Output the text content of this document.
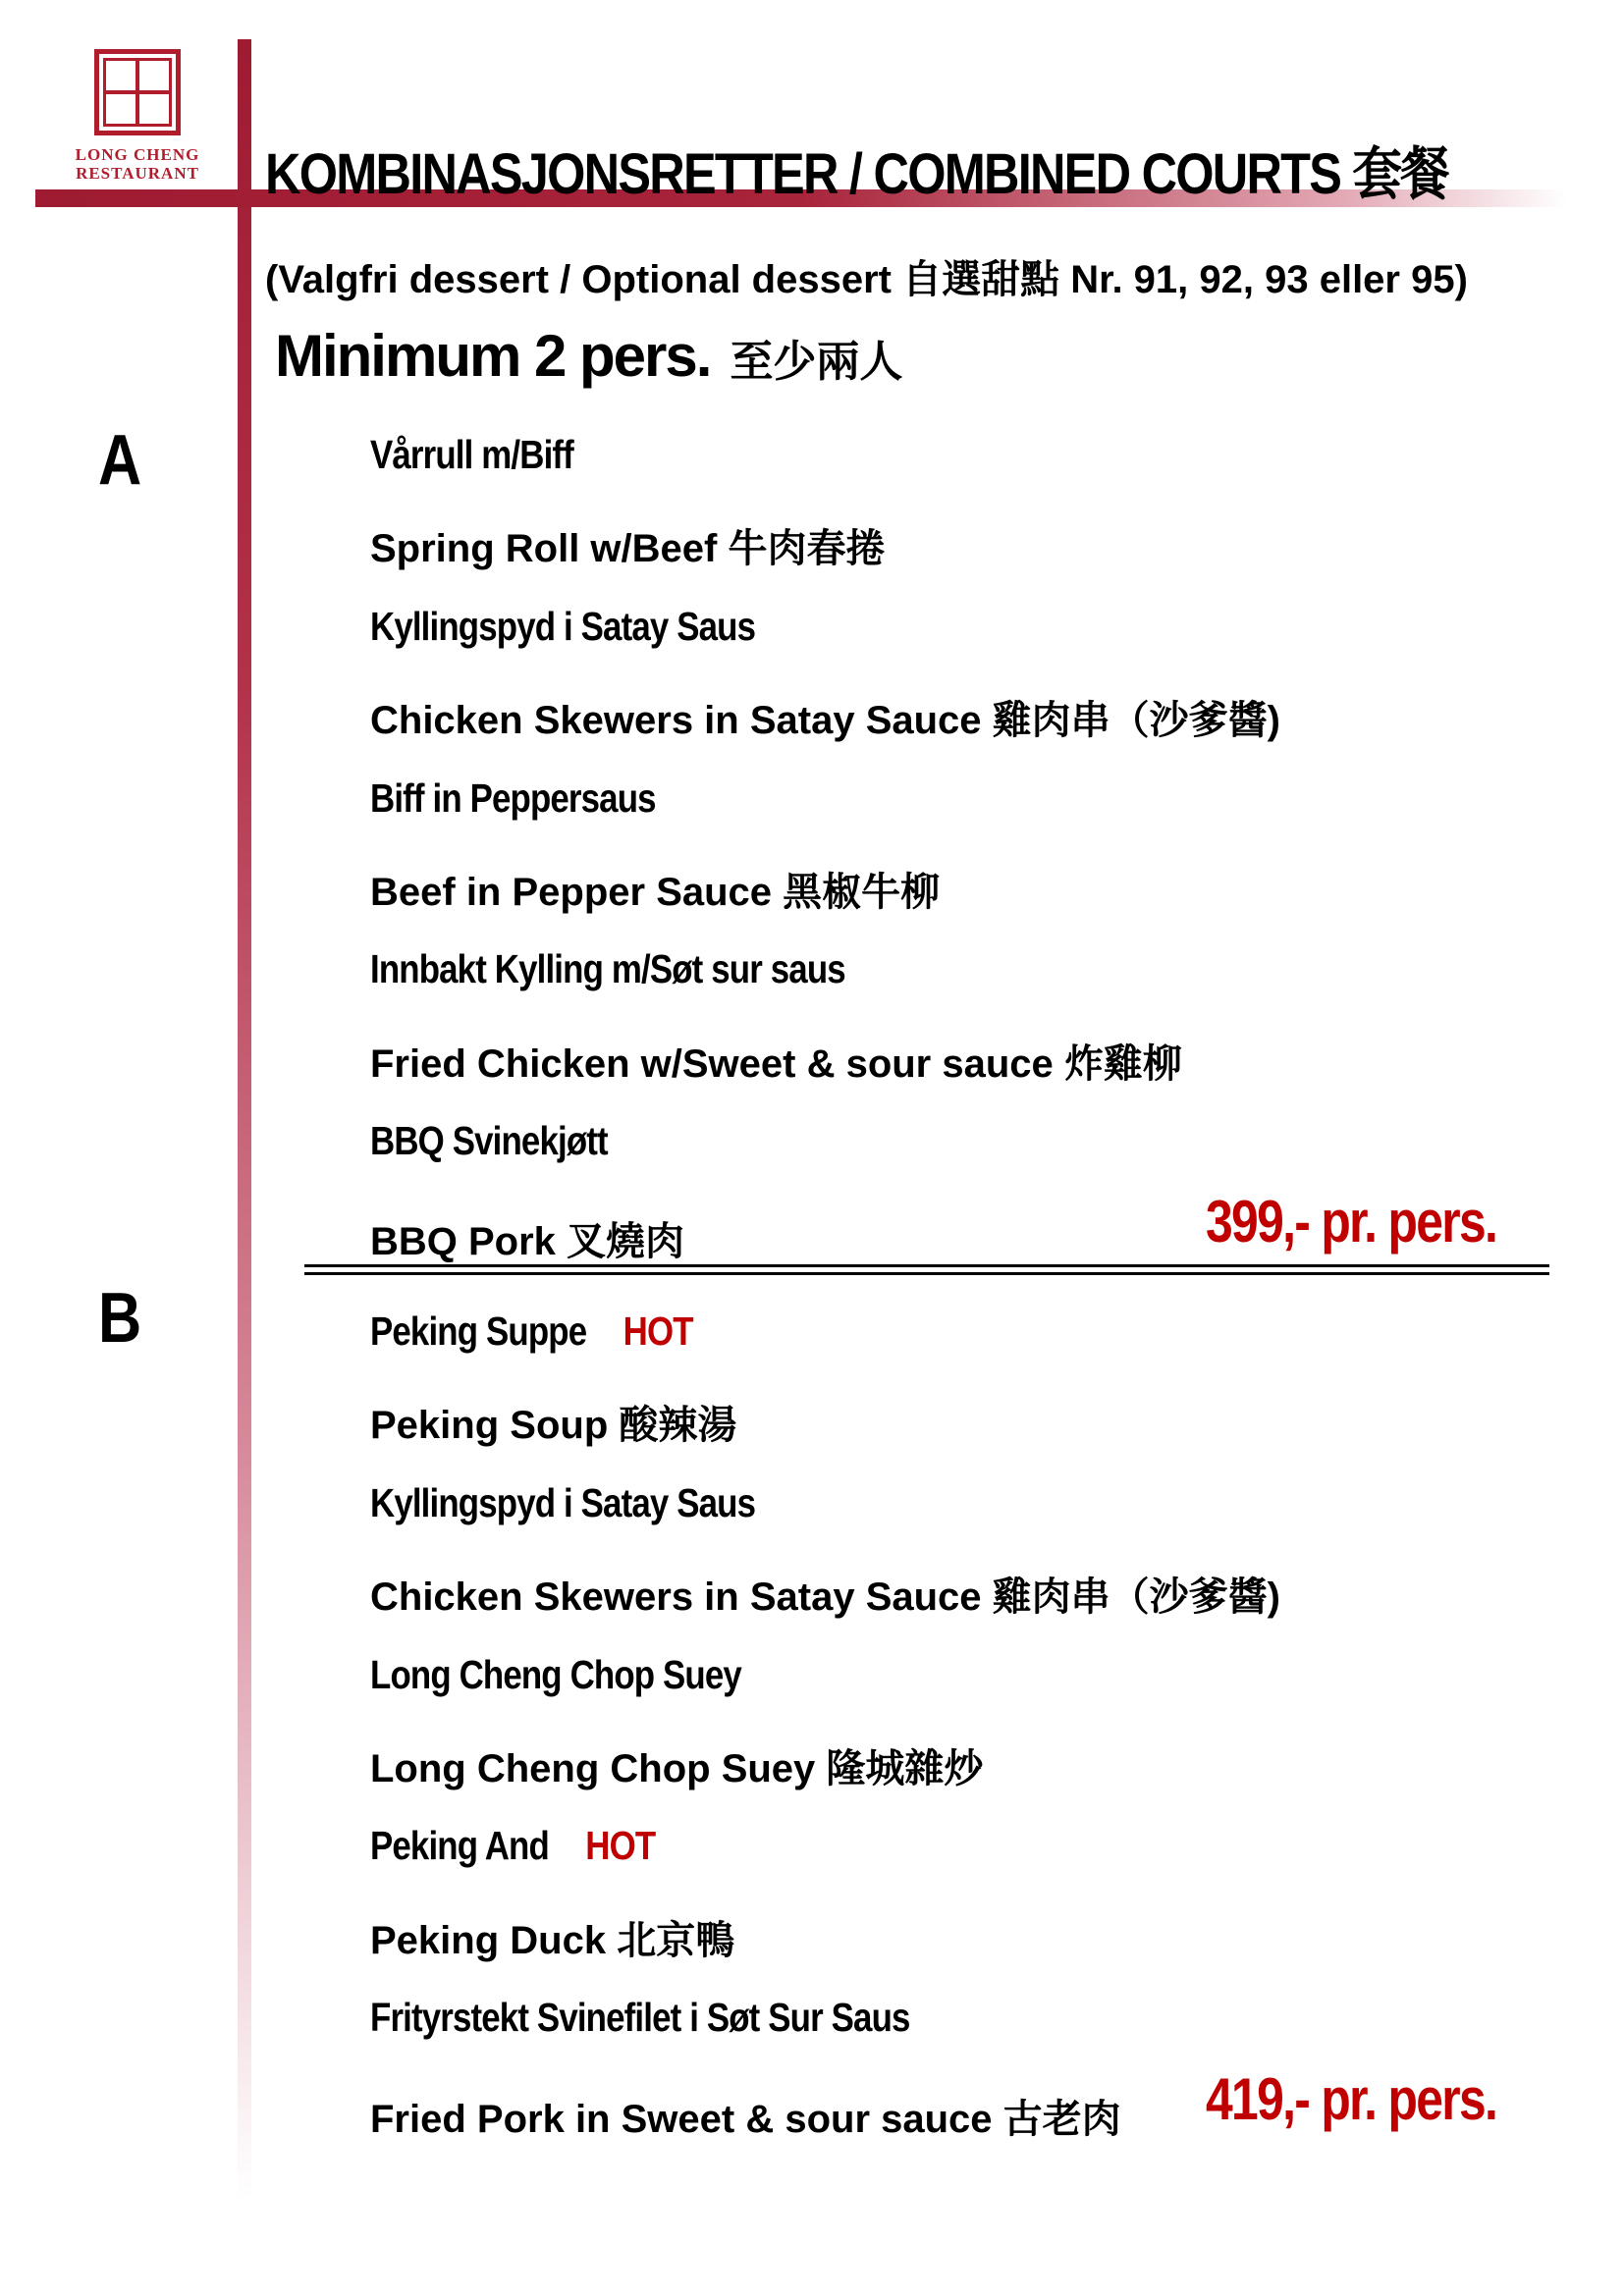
LONG CHENG
RESTAURANT KOMBINASJONSRETTER / COMBINED COURTS 套餐
(Valgfri dessert / Optional dessert 自選甜點 Nr. 91, 92, 93 eller 95)
Minimum 2 pers. 至少兩人
A	Vårrull m/Biff
Spring Roll w/Beef 牛肉春捲
Kyllingspyd i Satay Saus
Chicken Skewers in Satay Sauce 雞肉串（沙爹醬)
Biff in Peppersaus
Beef in Pepper Sauce 黑椒牛柳
Innbakt Kylling m/Søt sur saus
Fried Chicken w/Sweet & sour sauce 炸雞柳
BBQ Svinekjøtt
BBQ Pork 叉燒肉	399,- pr. pers.
B	Peking Suppe HOT
Peking Soup 酸辣湯
Kyllingspyd i Satay Saus
Chicken Skewers in Satay Sauce 雞肉串（沙爹醬)
Long Cheng Chop Suey
Long Cheng Chop Suey 隆城雜炒
Peking And HOT
Peking Duck 北京鴨
Frityrstekt Svinefilet i Søt Sur Saus
Fried Pork in Sweet & sour sauce 古老肉 419,- pr. pers.
